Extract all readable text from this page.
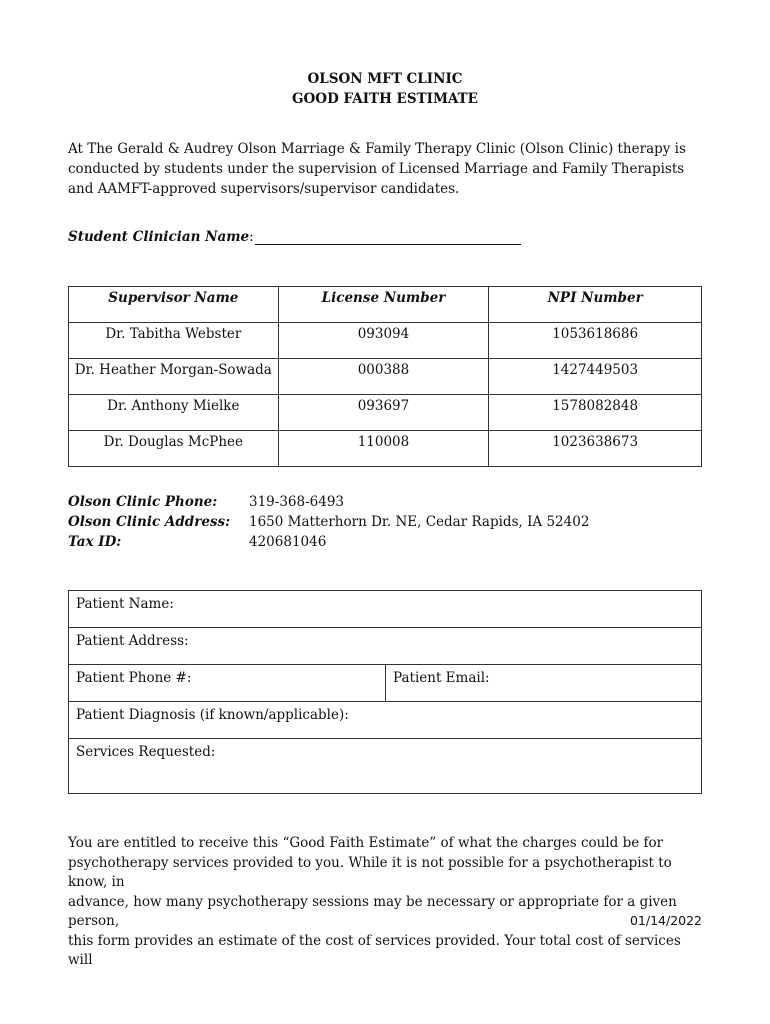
OLSON MFT CLINIC
GOOD FAITH ESTIMATE
At The Gerald & Audrey Olson Marriage & Family Therapy Clinic (Olson Clinic) therapy is conducted by students under the supervision of Licensed Marriage and Family Therapists and AAMFT-approved supervisors/supervisor candidates.
Student Clinician Name:
Supervisor Name	License Number	NPI Number
Dr. Tabitha Webster	093094	1053618686
Dr. Heather Morgan-Sowada	000388	1427449503
Dr. Anthony Mielke	093697	1578082848
Dr. Douglas McPhee	110008	1023638673
Olson Clinic Phone:	319-368-6493
Olson Clinic Address:	1650 Matterhorn Dr. NE, Cedar Rapids, IA 52402
Tax ID:	420681046
Patient Name:
Patient Address:
Patient Phone #:	Patient Email:
Patient Diagnosis (if known/applicable):
Services Requested:
You are entitled to receive this “Good Faith Estimate” of what the charges could be for
psychotherapy services provided to you. While it is not possible for a psychotherapist to know, in
advance, how many psychotherapy sessions may be necessary or appropriate for a given person,
this form provides an estimate of the cost of services provided. Your total cost of services will
01/14/2022
